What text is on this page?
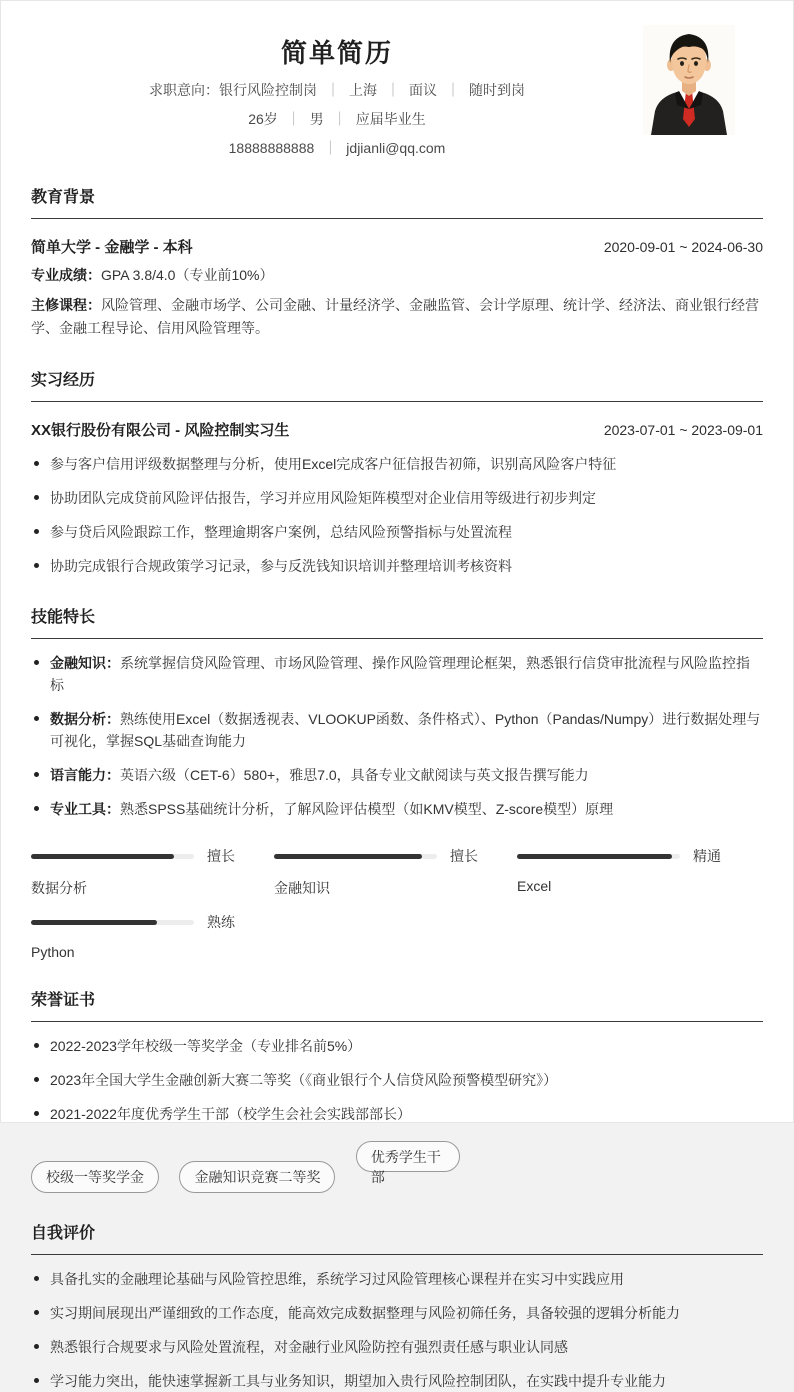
简单简历
求职意向：银行风险控制岗 ｜ 上海 ｜ 面议 ｜ 随时到岗
26岁 ｜ 男 ｜ 应届毕业生
18888888888 ｜ jdjianli@qq.com
教育背景
简单大学 - 金融学 - 本科	2020-09-01 ~ 2024-06-30
专业成绩：GPA 3.8/4.0（专业前10%）
主修课程：风险管理、金融市场学、公司金融、计量经济学、金融监管、会计学原理、统计学、经济法、商业银行经营学、金融工程导论、信用风险管理等。
实习经历
XX银行股份有限公司 - 风险控制实习生	2023-07-01 ~ 2023-09-01
参与客户信用评级数据整理与分析，使用Excel完成客户征信报告初筛，识别高风险客户特征
协助团队完成贷前风险评估报告，学习并应用风险矩阵模型对企业信用等级进行初步判定
参与贷后风险跟踪工作，整理逾期客户案例，总结风险预警指标与处置流程
协助完成银行合规政策学习记录，参与反洗钱知识培训并整理培训考核资料
技能特长
金融知识：系统掌握信贷风险管理、市场风险管理、操作风险管理理论框架，熟悉银行信贷审批流程与风险监控指标
数据分析：熟练使用Excel（数据透视表、VLOOKUP函数、条件格式）、Python（Pandas/Numpy）进行数据处理与可视化，掌握SQL基础查询能力
语言能力：英语六级（CET-6）580+，雅思7.0，具备专业文献阅读与英文报告撰写能力
专业工具：熟悉SPSS基础统计分析，了解风险评估模型（如KMV模型、Z-score模型）原理
擅长
数据分析
擅长
金融知识
精通
Excel
熟练
Python
荣誉证书
2022-2023学年校级一等奖学金（专业排名前5%）
2023年全国大学生金融创新大赛二等奖（《商业银行个人信贷风险预警模型研究》）
2021-2022年度优秀学生干部（校学生会社会实践部部长）
校级一等奖学金	金融知识竞赛二等奖 优秀学生干部
自我评价
具备扎实的金融理论基础与风险管控思维，系统学习过风险管理核心课程并在实习中实践应用
实习期间展现出严谨细致的工作态度，能高效完成数据整理与风险初筛任务，具备较强的逻辑分析能力
熟悉银行合规要求与风险处置流程，对金融行业风险防控有强烈责任感与职业认同感
学习能力突出，能快速掌握新工具与业务知识，期望加入贵行风险控制团队，在实践中提升专业能力
